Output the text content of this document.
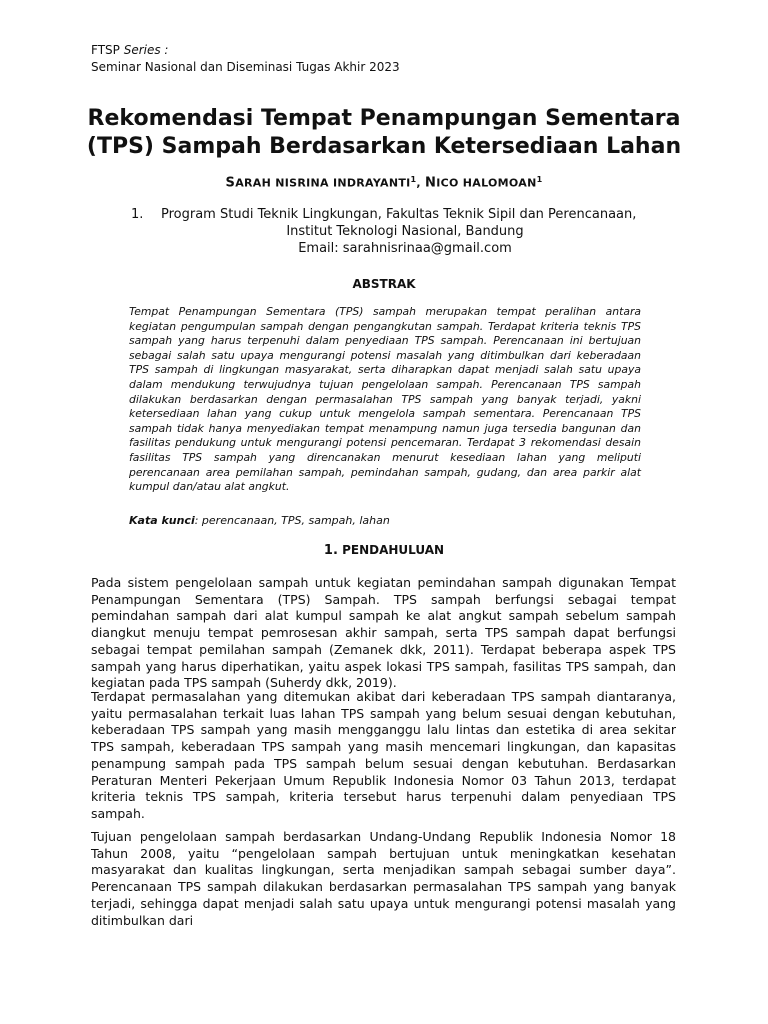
FTSP Series :
Seminar Nasional dan Diseminasi Tugas Akhir 2023
Rekomendasi Tempat Penampungan Sementara
(TPS) Sampah Berdasarkan Ketersediaan Lahan
SARAH NISRINA INDRAYANTI$^1$, NICO HALOMOAN$^1$
1.	Program Studi Teknik Lingkungan, Fakultas Teknik Sipil dan Perencanaan,
Institut Teknologi Nasional, Bandung
Email: sarahnisrinaa@gmail.com
ABSTRAK

Tempat Penampungan Sementara (TPS) sampah merupakan tempat peralihan antara kegiatan pengumpulan sampah dengan pengangkutan sampah. Terdapat kriteria teknis TPS sampah yang harus terpenuhi dalam penyediaan TPS sampah. Perencanaan ini bertujuan sebagai salah satu upaya mengurangi potensi masalah yang ditimbulkan dari keberadaan TPS sampah di lingkungan masyarakat, serta diharapkan dapat menjadi salah satu upaya dalam mendukung terwujudnya tujuan pengelolaan sampah. Perencanaan TPS sampah dilakukan berdasarkan dengan permasalahan TPS sampah yang banyak terjadi, yakni ketersediaan lahan yang cukup untuk mengelola sampah sementara. Perencanaan TPS sampah tidak hanya menyediakan tempat menampung namun juga tersedia bangunan dan fasilitas pendukung untuk mengurangi potensi pencemaran. Terdapat 3 rekomendasi desain fasilitas TPS sampah yang direncanakan menurut kesediaan lahan yang meliputi perencanaan area pemilahan sampah, pemindahan sampah, gudang, dan area parkir alat kumpul dan/atau alat angkut.

Kata kunci: perencanaan, TPS, sampah, lahan
1. PENDAHULUAN

Pada sistem pengelolaan sampah untuk kegiatan pemindahan sampah digunakan Tempat Penampungan Sementara (TPS) Sampah. TPS sampah berfungsi sebagai tempat pemindahan sampah dari alat kumpul sampah ke alat angkut sampah sebelum sampah diangkut menuju tempat pemrosesan akhir sampah, serta TPS sampah dapat berfungsi sebagai tempat pemilahan sampah (Zemanek dkk, 2011). Terdapat beberapa aspek TPS sampah yang harus diperhatikan, yaitu aspek lokasi TPS sampah, fasilitas TPS sampah, dan kegiatan pada TPS sampah (Suherdy dkk, 2019).

Terdapat permasalahan yang ditemukan akibat dari keberadaan TPS sampah diantaranya, yaitu permasalahan terkait luas lahan TPS sampah yang belum sesuai dengan kebutuhan, keberadaan TPS sampah yang masih mengganggu lalu lintas dan estetika di area sekitar TPS sampah, keberadaan TPS sampah yang masih mencemari lingkungan, dan kapasitas penampung sampah pada TPS sampah belum sesuai dengan kebutuhan. Berdasarkan Peraturan Menteri Pekerjaan Umum Republik Indonesia Nomor 03 Tahun 2013, terdapat kriteria teknis TPS sampah, kriteria tersebut harus terpenuhi dalam penyediaan TPS sampah.

Tujuan pengelolaan sampah berdasarkan Undang-Undang Republik Indonesia Nomor 18 Tahun 2008, yaitu “pengelolaan sampah bertujuan untuk meningkatkan kesehatan masyarakat dan kualitas lingkungan, serta menjadikan sampah sebagai sumber daya”. Perencanaan TPS sampah dilakukan berdasarkan permasalahan TPS sampah yang banyak terjadi, sehingga dapat menjadi salah satu upaya untuk mengurangi potensi masalah yang ditimbulkan dari
